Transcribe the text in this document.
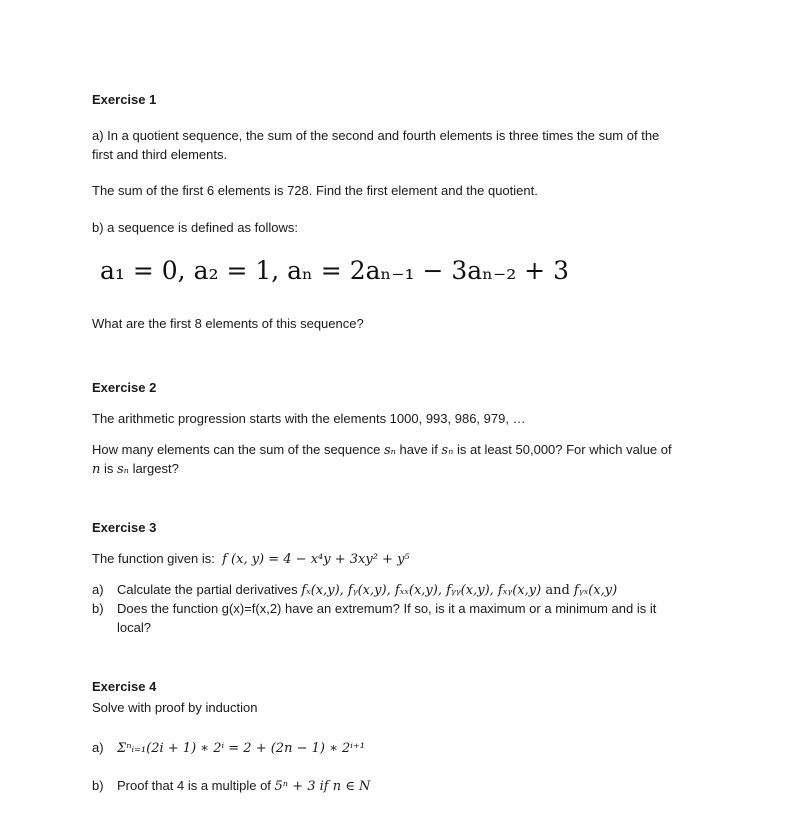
Exercise 1
a) In a quotient sequence, the sum of the second and fourth elements is three times the sum of the
first and third elements.
The sum of the first 6 elements is 728. Find the first element and the quotient.
b) a sequence is defined as follows:
a₁ = 0, a₂ = 1, aₙ = 2aₙ₋₁ − 3aₙ₋₂ + 3
What are the first 8 elements of this sequence?
Exercise 2
The arithmetic progression starts with the elements 1000, 993, 986, 979, …
How many elements can the sum of the sequence sₙ have if sₙ is at least 50,000? For which value of
n is sₙ largest?
Exercise 3
The function given is: f (x, y) = 4 − x⁴y + 3xy² + y⁵
a) Calculate the partial derivatives fₓ(x,y), fᵧ(x,y), fₓₓ(x,y), fᵧᵧ(x,y), fₓᵧ(x,y) and fᵧₓ(x,y)
b) Does the function g(x)=f(x,2) have an extremum? If so, is it a maximum or a minimum and is it
local?
Exercise 4
Solve with proof by induction
a) Σⁿᵢ₌₁(2i + 1) ∗ 2ⁱ = 2 + (2n − 1) ∗ 2ⁱ⁺¹
b) Proof that 4 is a multiple of 5ⁿ + 3 if n ∈ N
